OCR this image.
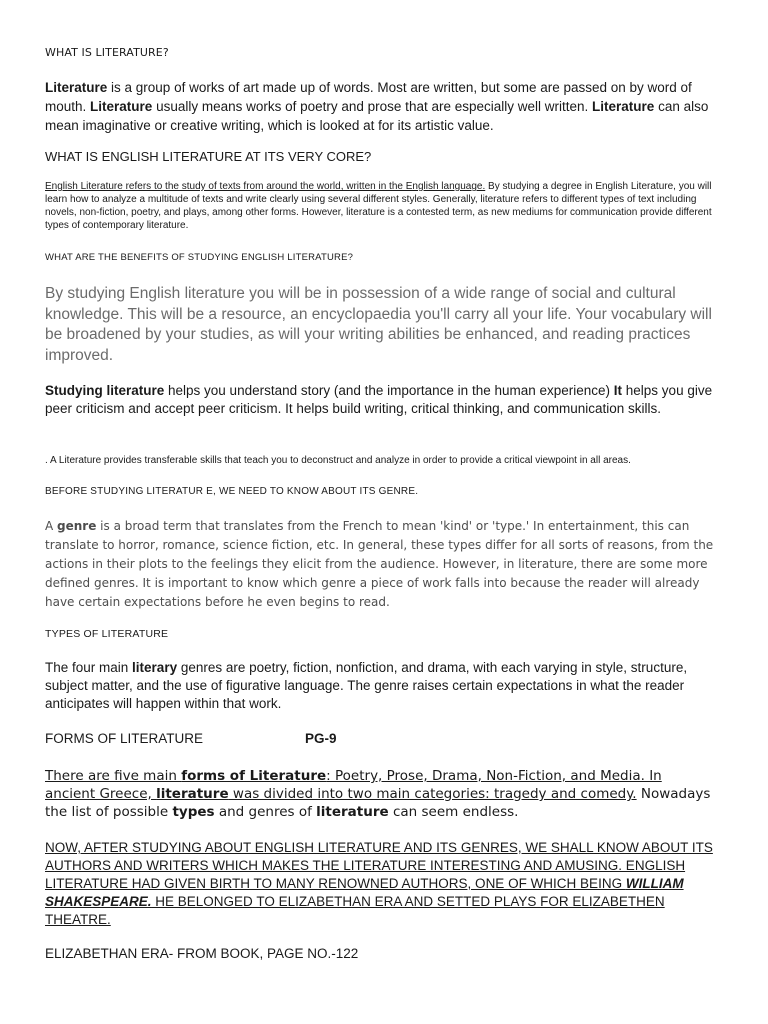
WHAT IS LITERATURE?

Literature is a group of works of art made up of words. Most are written, but some are passed on by word of mouth. Literature usually means works of poetry and prose that are especially well written. Literature can also mean imaginative or creative writing, which is looked at for its artistic value.

WHAT IS ENGLISH LITERATURE AT ITS VERY CORE?

English Literature refers to the study of texts from around the world, written in the English language. By studying a degree in English Literature, you will learn how to analyze a multitude of texts and write clearly using several different styles. Generally, literature refers to different types of text including novels, non-fiction, poetry, and plays, among other forms. However, literature is a contested term, as new mediums for communication provide different types of contemporary literature.

WHAT ARE THE BENEFITS OF STUDYING ENGLISH LITERATURE?

By studying English literature you will be in possession of a wide range of social and cultural knowledge. This will be a resource, an encyclopaedia you'll carry all your life. Your vocabulary will be broadened by your studies, as will your writing abilities be enhanced, and reading practices improved.

Studying literature helps you understand story (and the importance in the human experience) It helps you give peer criticism and accept peer criticism. It helps build writing, critical thinking, and communication skills.

. A Literature provides transferable skills that teach you to deconstruct and analyze in order to provide a critical viewpoint in all areas.
BEFORE STUDYING LITERATUR E, WE NEED TO KNOW ABOUT ITS GENRE.

A genre is a broad term that translates from the French to mean 'kind' or 'type.' In entertainment, this can translate to horror, romance, science fiction, etc. In general, these types differ for all sorts of reasons, from the actions in their plots to the feelings they elicit from the audience. However, in literature, there are some more defined genres. It is important to know which genre a piece of work falls into because the reader will already have certain expectations before he even begins to read.

TYPES OF LITERATURE

The four main literary genres are poetry, fiction, nonfiction, and drama, with each varying in style, structure, subject matter, and the use of figurative language. The genre raises certain expectations in what the reader anticipates will happen within that work.

FORMS OF LITERATURE	PG-9

There are five main forms of Literature: Poetry, Prose, Drama, Non-Fiction, and Media. In ancient Greece, literature was divided into two main categories: tragedy and comedy. Nowadays the list of possible types and genres of literature can seem endless.

NOW, AFTER STUDYING ABOUT ENGLISH LITERATURE AND ITS GENRES, WE SHALL KNOW ABOUT ITS AUTHORS AND WRITERS WHICH MAKES THE LITERATURE INTERESTING AND AMUSING. ENGLISH LITERATURE HAD GIVEN BIRTH TO MANY RENOWNED AUTHORS, ONE OF WHICH BEING WILLIAM SHAKESPEARE. HE BELONGED TO ELIZABETHAN ERA AND SETTED PLAYS FOR ELIZABETHEN THEATRE.

ELIZABETHAN ERA- FROM BOOK, PAGE NO.-122
